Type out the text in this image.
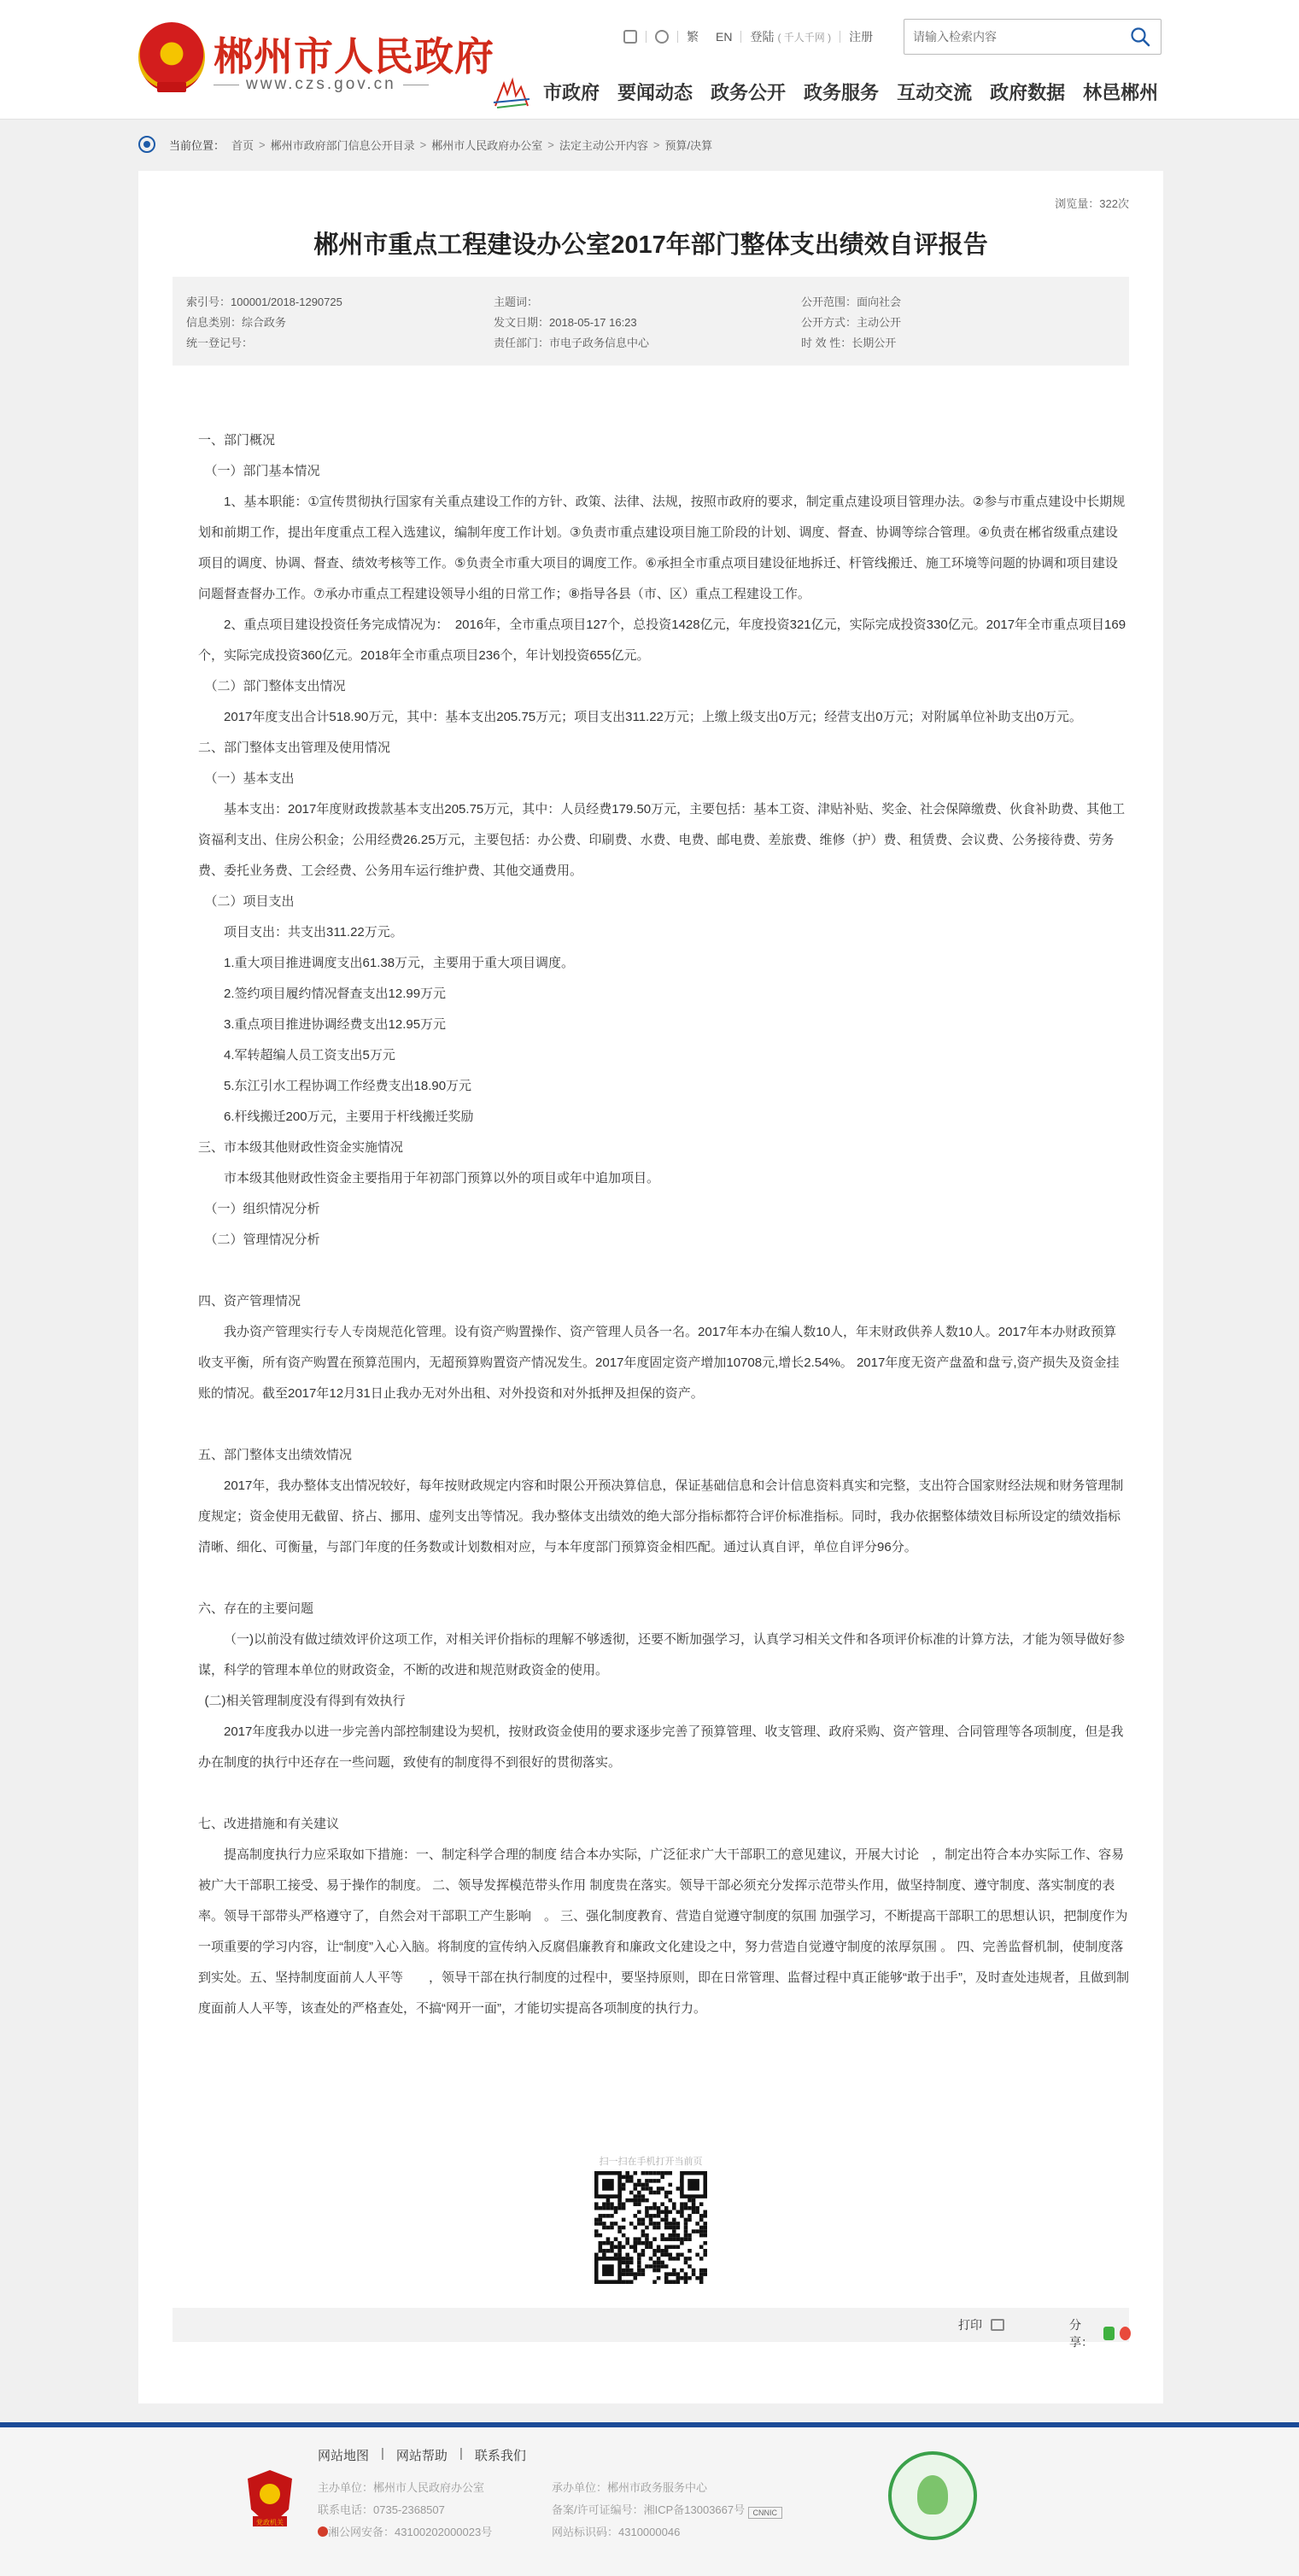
郴州市人民政府
www.czs.gov.cn
繁	EN	登陆 ( 千人千网 )	注册
请输入检索内容
市政府 要闻动态 政务公开 政务服务 互动交流 政府数据 林邑郴州
当前位置： 首页 > 郴州市政府部门信息公开目录 > 郴州市人民政府办公室 > 法定主动公开内容 > 预算/决算
浏览量：322次
郴州市重点工程建设办公室2017年部门整体支出绩效自评报告
索引号：100001/2018-1290725	主题词：	公开范围：面向社会
信息类别：综合政务	发文日期：2018-05-17 16:23	公开方式：主动公开
统一登记号：	责任部门：市电子政务信息中心	时 效 性：长期公开

一、部门概况

（一）部门基本情况

1、基本职能：①宣传贯彻执行国家有关重点建设工作的方针、政策、法律、法规，按照市政府的要求，制定重点建设项目管理办法。②参与市重点建设中长期规划和前期工作，提出年度重点工程入选建议，编制年度工作计划。③负责市重点建设项目施工阶段的计划、调度、督查、协调等综合管理。④负责在郴省级重点建设项目的调度、协调、督查、绩效考核等工作。⑤负责全市重大项目的调度工作。⑥承担全市重点项目建设征地拆迁、杆管线搬迁、施工环境等问题的协调和项目建设问题督查督办工作。⑦承办市重点工程建设领导小组的日常工作；⑧指导各县（市、区）重点工程建设工作。

2、重点项目建设投资任务完成情况为：　2016年，全市重点项目127个，总投资1428亿元，年度投资321亿元，实际完成投资330亿元。2017年全市重点项目169个，实际完成投资360亿元。2018年全市重点项目236个，年计划投资655亿元。

（二）部门整体支出情况

2017年度支出合计518.90万元，其中：基本支出205.75万元；项目支出311.22万元；上缴上级支出0万元；经营支出0万元；对附属单位补助支出0万元。

二、部门整体支出管理及使用情况

（一）基本支出

基本支出：2017年度财政拨款基本支出205.75万元，其中：人员经费179.50万元，主要包括：基本工资、津贴补贴、奖金、社会保障缴费、伙食补助费、其他工资福利支出、住房公积金；公用经费26.25万元，主要包括：办公费、印刷费、水费、电费、邮电费、差旅费、维修（护）费、租赁费、会议费、公务接待费、劳务费、委托业务费、工会经费、公务用车运行维护费、其他交通费用。

（二）项目支出

项目支出：共支出311.22万元。

1.重大项目推进调度支出61.38万元，主要用于重大项目调度。

2.签约项目履约情况督查支出12.99万元

3.重点项目推进协调经费支出12.95万元

4.军转超编人员工资支出5万元

5.东江引水工程协调工作经费支出18.90万元

6.杆线搬迁200万元，主要用于杆线搬迁奖励

三、市本级其他财政性资金实施情况

市本级其他财政性资金主要指用于年初部门预算以外的项目或年中追加项目。

（一）组织情况分析

（二）管理情况分析

四、资产管理情况

我办资产管理实行专人专岗规范化管理。设有资产购置操作、资产管理人员各一名。2017年本办在编人数10人，年末财政供养人数10人。2017年本办财政预算收支平衡，所有资产购置在预算范围内，无超预算购置资产情况发生。2017年度固定资产增加10708元,增长2.54%。 2017年度无资产盘盈和盘亏,资产损失及资金挂账的情况。截至2017年12月31日止我办无对外出租、对外投资和对外抵押及担保的资产。

五、部门整体支出绩效情况

2017年，我办整体支出情况较好，每年按财政规定内容和时限公开预决算信息，保证基础信息和会计信息资料真实和完整，支出符合国家财经法规和财务管理制度规定；资金使用无截留、挤占、挪用、虚列支出等情况。我办整体支出绩效的绝大部分指标都符合评价标准指标。同时，我办依据整体绩效目标所设定的绩效指标清晰、细化、可衡量，与部门年度的任务数或计划数相对应，与本年度部门预算资金相匹配。通过认真自评，单位自评分96分。

六、存在的主要问题

（一)以前没有做过绩效评价这项工作，对相关评价指标的理解不够透彻，还要不断加强学习，认真学习相关文件和各项评价标准的计算方法，才能为领导做好参谋，科学的管理本单位的财政资金，不断的改进和规范财政资金的使用。

(二)相关管理制度没有得到有效执行

2017年度我办以进一步完善内部控制建设为契机，按财政资金使用的要求逐步完善了预算管理、收支管理、政府采购、资产管理、合同管理等各项制度，但是我办在制度的执行中还存在一些问题，致使有的制度得不到很好的贯彻落实。

七、改进措施和有关建议

提高制度执行力应采取如下措施：一、制定科学合理的制度 结合本办实际，广泛征求广大干部职工的意见建议，开展大讨论　，制定出符合本办实际工作、容易被广大干部职工接受、易于操作的制度。 二、领导发挥模范带头作用 制度贵在落实。领导干部必须充分发挥示范带头作用，做坚持制度、遵守制度、落实制度的表率。领导干部带头严格遵守了，自然会对干部职工产生影响　。 三、强化制度教育、营造自觉遵守制度的氛围 加强学习，不断提高干部职工的思想认识，把制度作为一项重要的学习内容，让“制度”入心入脑。将制度的宣传纳入反腐倡廉教育和廉政文化建设之中，努力营造自觉遵守制度的浓厚氛围 。 四、完善监督机制，使制度落到实处。五、坚持制度面前人人平等　　，领导干部在执行制度的过程中，要坚持原则，即在日常管理、监督过程中真正能够“敢于出手”，及时查处违规者，且做到制度面前人人平等，该查处的严格查处，不搞“网开一面”，才能切实提高各项制度的执行力。

扫一扫在手机打开当前页
打印	分享：
网站地图 | 网站帮助 | 联系我们
党政机关
主办单位：郴州市人民政府办公室
联系电话：0735-2368507
湘公网安备：43100202000023号
承办单位：郴州市政务服务中心
备案/许可证编号：湘ICP备13003667号 CNNIC
网站标识码：4310000046
